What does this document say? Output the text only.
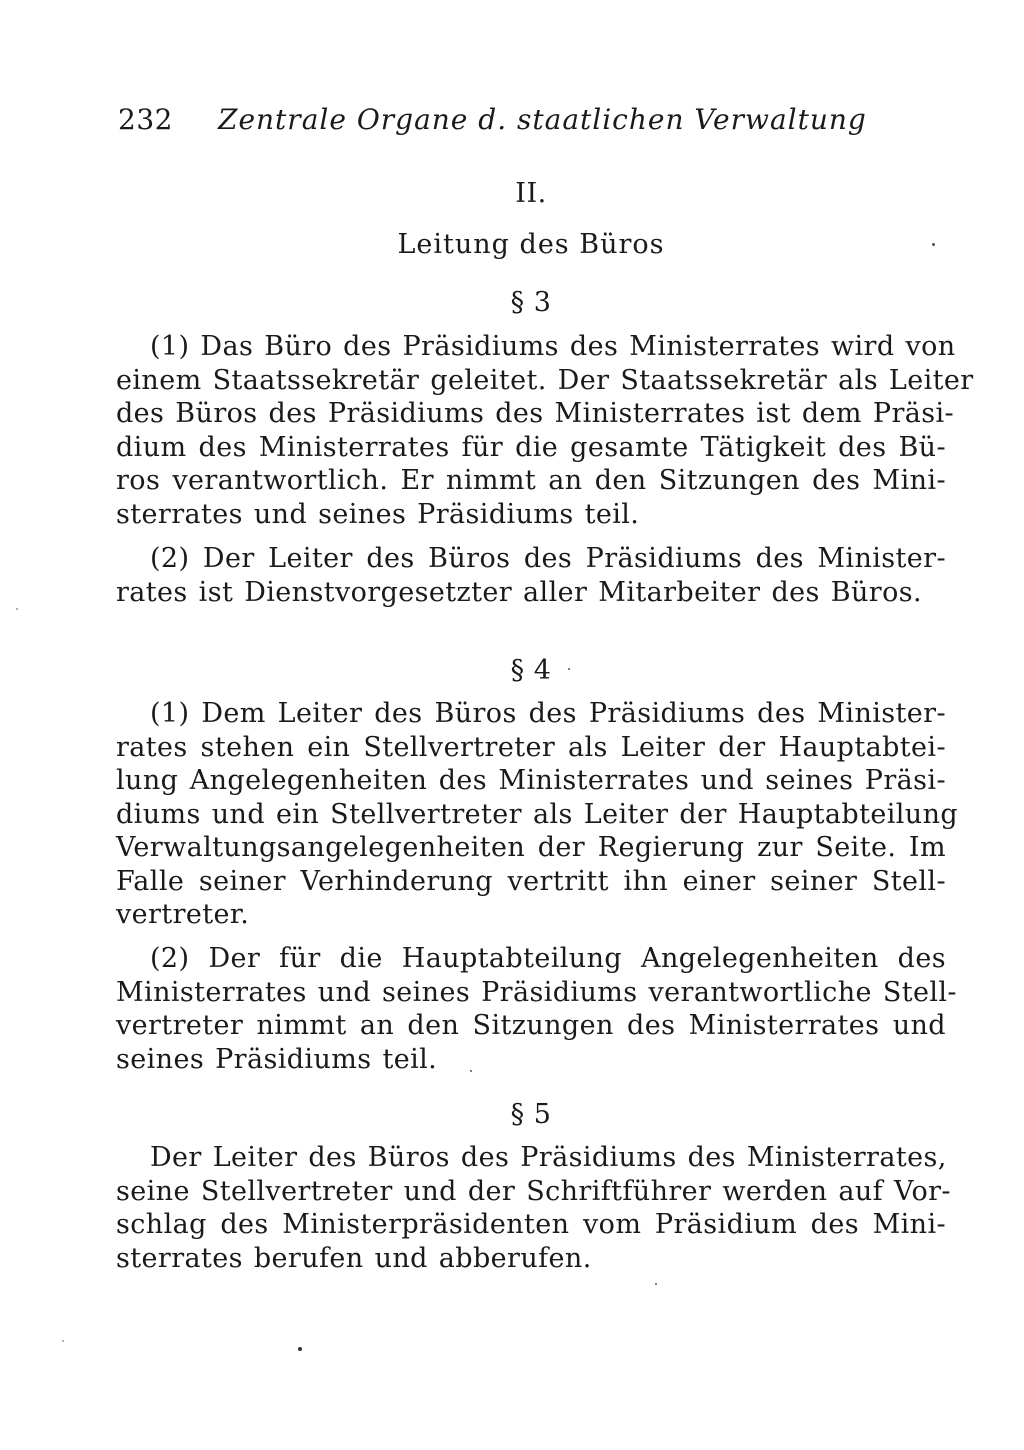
232 Zentrale Organe d. staatlichen Verwaltung
II.
Leitung des Büros
§ 3
(1) Das Büro des Präsidiums des Ministerrates wird von
einem Staatssekretär geleitet. Der Staatssekretär als Leiter
des Büros des Präsidiums des Ministerrates ist dem Präsi-
dium des Ministerrates für die gesamte Tätigkeit des Bü-
ros verantwortlich. Er nimmt an den Sitzungen des Mini-
sterrates und seines Präsidiums teil.
(2) Der Leiter des Büros des Präsidiums des Minister-
rates ist Dienstvorgesetzter aller Mitarbeiter des Büros.
§ 4
(1) Dem Leiter des Büros des Präsidiums des Minister-
rates stehen ein Stellvertreter als Leiter der Hauptabtei-
lung Angelegenheiten des Ministerrates und seines Präsi-
diums und ein Stellvertreter als Leiter der Hauptabteilung
Verwaltungsangelegenheiten der Regierung zur Seite. Im
Falle seiner Verhinderung vertritt ihn einer seiner Stell-
vertreter.
(2) Der für die Hauptabteilung Angelegenheiten des
Ministerrates und seines Präsidiums verantwortliche Stell-
vertreter nimmt an den Sitzungen des Ministerrates und
seines Präsidiums teil.
§ 5
Der Leiter des Büros des Präsidiums des Ministerrates,
seine Stellvertreter und der Schriftführer werden auf Vor-
schlag des Ministerpräsidenten vom Präsidium des Mini-
sterrates berufen und abberufen.
